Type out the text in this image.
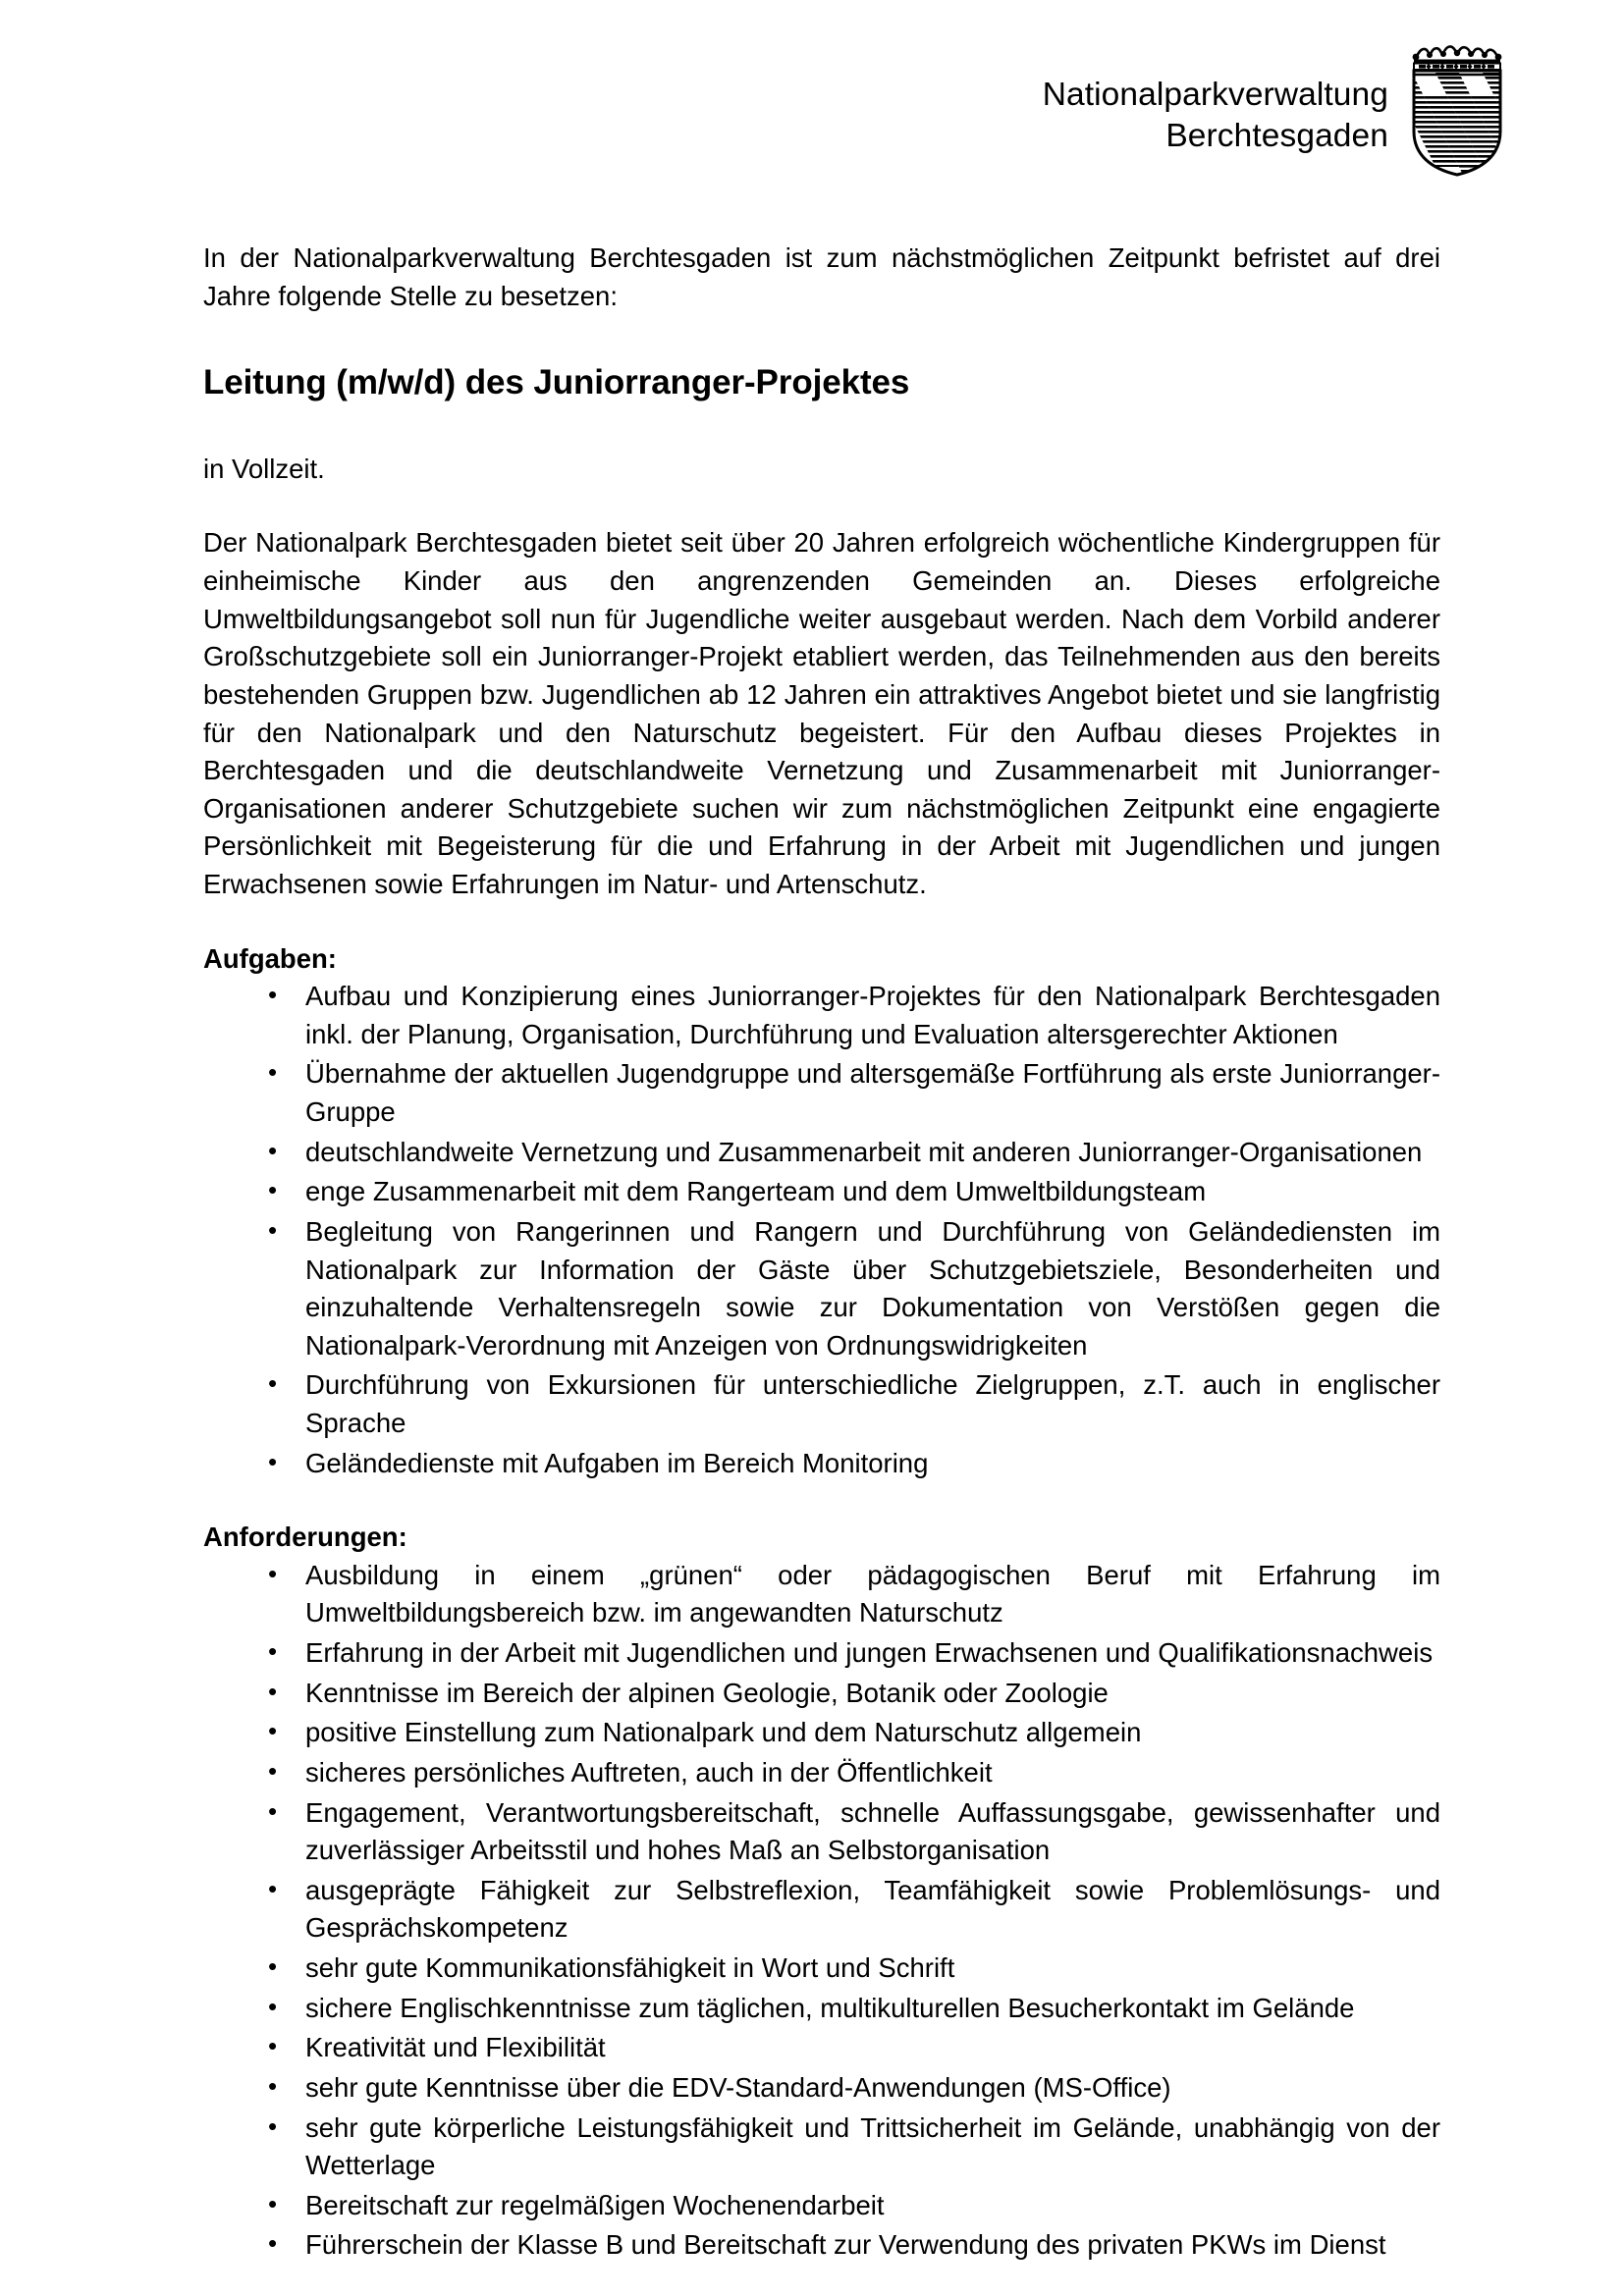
Nationalparkverwaltung
Berchtesgaden

In der Nationalparkverwaltung Berchtesgaden ist zum nächstmöglichen Zeitpunkt befristet auf drei Jahre folgende Stelle zu besetzen:

Leitung (m/w/d) des Juniorranger-Projektes

in Vollzeit.

Der Nationalpark Berchtesgaden bietet seit über 20 Jahren erfolgreich wöchentliche Kindergruppen für einheimische Kinder aus den angrenzenden Gemeinden an. Dieses erfolgreiche Umweltbildungsangebot soll nun für Jugendliche weiter ausgebaut werden. Nach dem Vorbild anderer Großschutzgebiete soll ein Juniorranger-Projekt etabliert werden, das Teilnehmenden aus den bereits bestehenden Gruppen bzw. Jugendlichen ab 12 Jahren ein attraktives Angebot bietet und sie langfristig für den Nationalpark und den Naturschutz begeistert. Für den Aufbau dieses Projektes in Berchtesgaden und die deutschlandweite Vernetzung und Zusammenarbeit mit Juniorranger-Organisationen anderer Schutzgebiete suchen wir zum nächstmöglichen Zeitpunkt eine engagierte Persönlichkeit mit Begeisterung für die und Erfahrung in der Arbeit mit Jugendlichen und jungen Erwachsenen sowie Erfahrungen im Natur- und Artenschutz.

Aufgaben:

• Aufbau und Konzipierung eines Juniorranger-Projektes für den Nationalpark Berchtesgaden inkl. der Planung, Organisation, Durchführung und Evaluation altersgerechter Aktionen
• Übernahme der aktuellen Jugendgruppe und altersgemäße Fortführung als erste Juniorranger-Gruppe
• deutschlandweite Vernetzung und Zusammenarbeit mit anderen Juniorranger-Organisationen
• enge Zusammenarbeit mit dem Rangerteam und dem Umweltbildungsteam
• Begleitung von Rangerinnen und Rangern und Durchführung von Geländediensten im Nationalpark zur Information der Gäste über Schutzgebietsziele, Besonderheiten und einzuhaltende Verhaltensregeln sowie zur Dokumentation von Verstößen gegen die Nationalpark-Verordnung mit Anzeigen von Ordnungswidrigkeiten
• Durchführung von Exkursionen für unterschiedliche Zielgruppen, z.T. auch in englischer Sprache
• Geländedienste mit Aufgaben im Bereich Monitoring

Anforderungen:

• Ausbildung in einem „grünen“ oder pädagogischen Beruf mit Erfahrung im Umweltbildungsbereich bzw. im angewandten Naturschutz
• Erfahrung in der Arbeit mit Jugendlichen und jungen Erwachsenen und Qualifikationsnachweis
• Kenntnisse im Bereich der alpinen Geologie, Botanik oder Zoologie
• positive Einstellung zum Nationalpark und dem Naturschutz allgemein
• sicheres persönliches Auftreten, auch in der Öffentlichkeit
• Engagement, Verantwortungsbereitschaft, schnelle Auffassungsgabe, gewissenhafter und zuverlässiger Arbeitsstil und hohes Maß an Selbstorganisation
• ausgeprägte Fähigkeit zur Selbstreflexion, Teamfähigkeit sowie Problemlösungs- und Gesprächskompetenz
• sehr gute Kommunikationsfähigkeit in Wort und Schrift
• sichere Englischkenntnisse zum täglichen, multikulturellen Besucherkontakt im Gelände
• Kreativität und Flexibilität
• sehr gute Kenntnisse über die EDV-Standard-Anwendungen (MS-Office)
• sehr gute körperliche Leistungsfähigkeit und Trittsicherheit im Gelände, unabhängig von der Wetterlage
• Bereitschaft zur regelmäßigen Wochenendarbeit
• Führerschein der Klasse B und Bereitschaft zur Verwendung des privaten PKWs im Dienst
